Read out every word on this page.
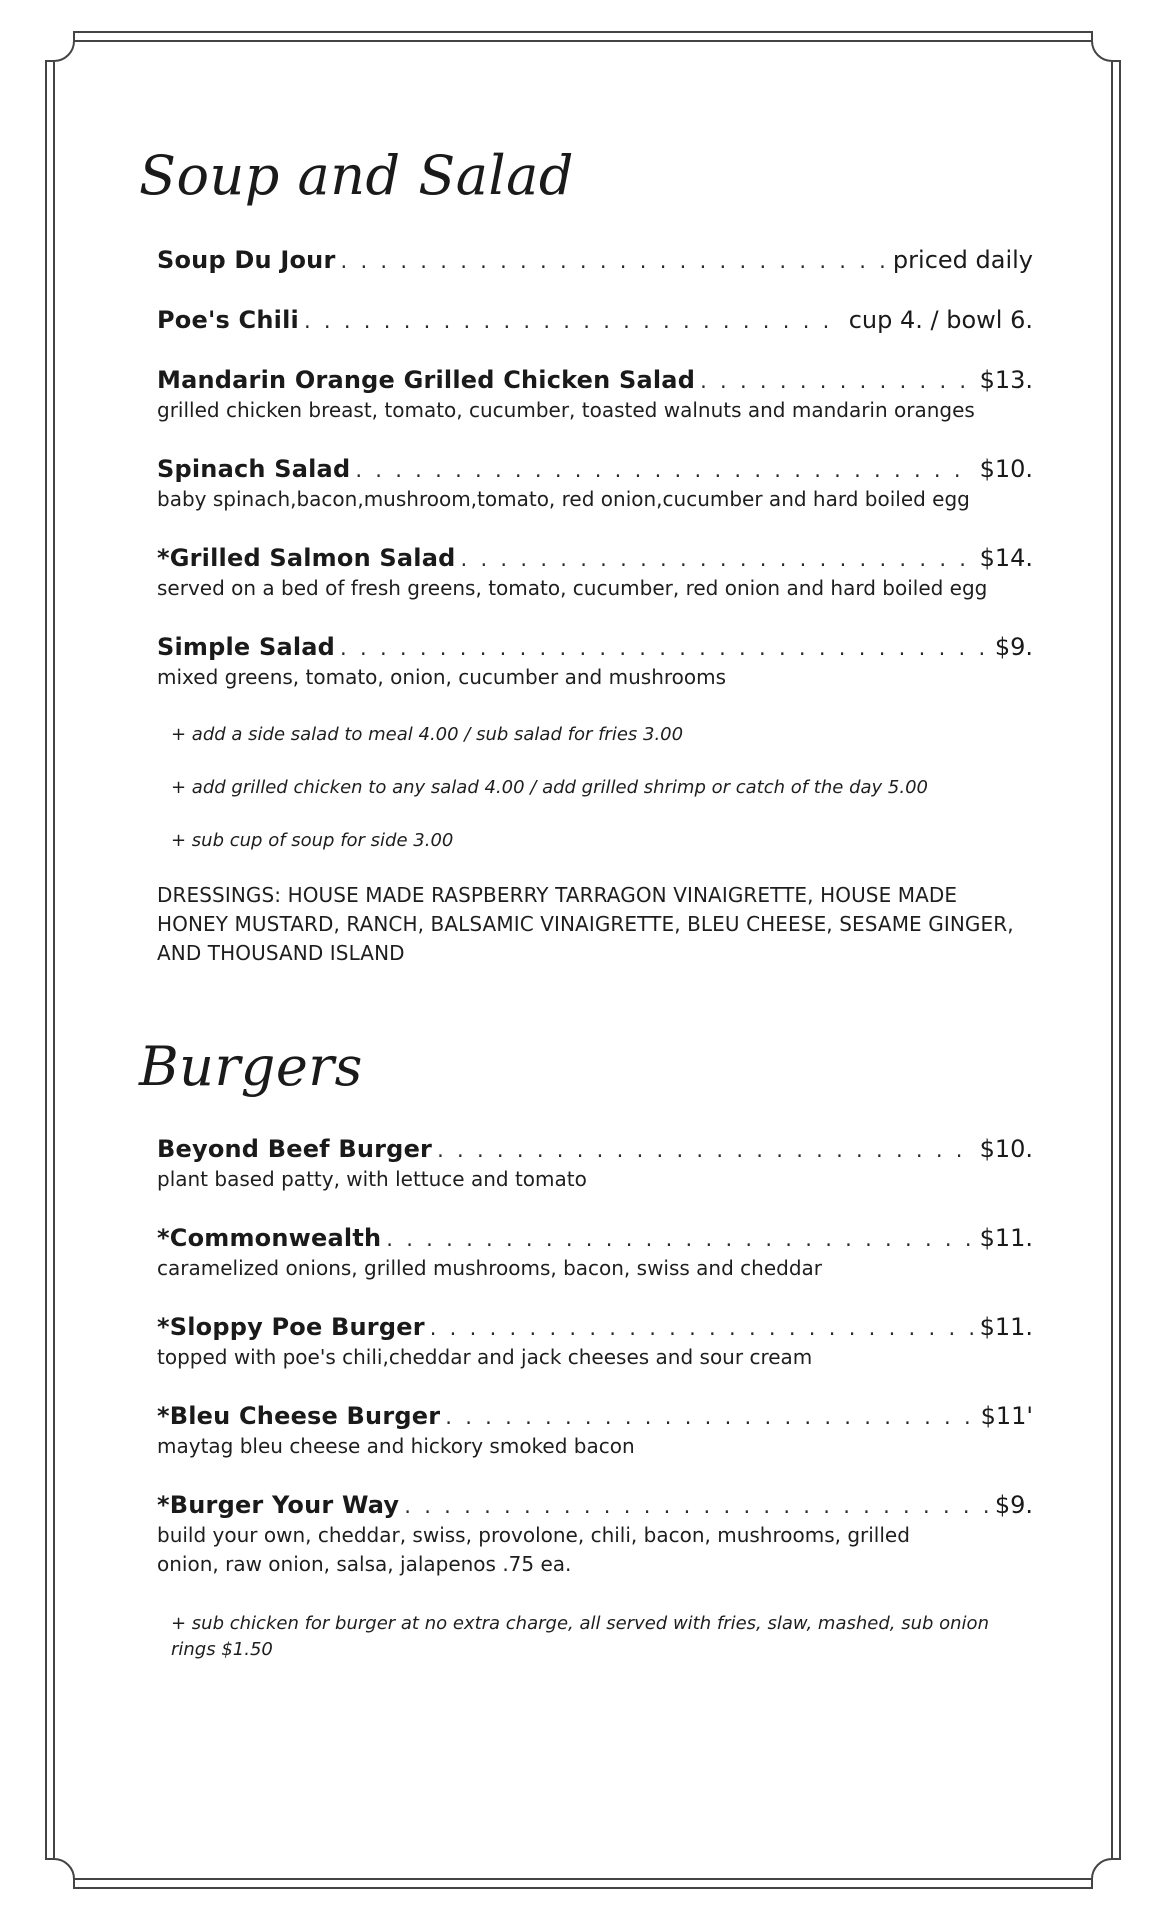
Soup and Salad
Soup Du Jour . . .	priced daily
Poe's Chili . . .	cup 4. / bowl 6.
Mandarin Orange Grilled Chicken Salad . . .	$13.
grilled chicken breast, tomato, cucumber, toasted walnuts and mandarin oranges
Spinach Salad . . .	$10.
baby spinach,bacon,mushroom,tomato, red onion,cucumber and hard boiled egg
*Grilled Salmon Salad . . .	$14.
served on a bed of fresh greens, tomato, cucumber, red onion and hard boiled egg
Simple Salad . . .	$9.
mixed greens, tomato, onion, cucumber and mushrooms
+ add a side salad to meal 4.00 / sub salad for fries 3.00
+ add grilled chicken to any salad 4.00 / add grilled shrimp or catch of the day 5.00
+ sub cup of soup for side 3.00
DRESSINGS: HOUSE MADE RASPBERRY TARRAGON VINAIGRETTE, HOUSE MADE HONEY MUSTARD, RANCH, BALSAMIC VINAIGRETTE, BLEU CHEESE, SESAME GINGER, AND THOUSAND ISLAND
Burgers
Beyond Beef Burger . . .	$10.
plant based patty, with lettuce and tomato
*Commonwealth . . .	$11.
caramelized onions, grilled mushrooms, bacon, swiss and cheddar
*Sloppy Poe Burger . . .	$11.
topped with poe's chili,cheddar and jack cheeses and sour cream
*Bleu Cheese Burger . . .	$11'
maytag bleu cheese and hickory smoked bacon
*Burger Your Way . . .	$9.
build your own, cheddar, swiss, provolone, chili, bacon, mushrooms, grilled onion, raw onion, salsa, jalapenos .75 ea.
+ sub chicken for burger at no extra charge, all served with fries, slaw, mashed, sub onion rings $1.50
